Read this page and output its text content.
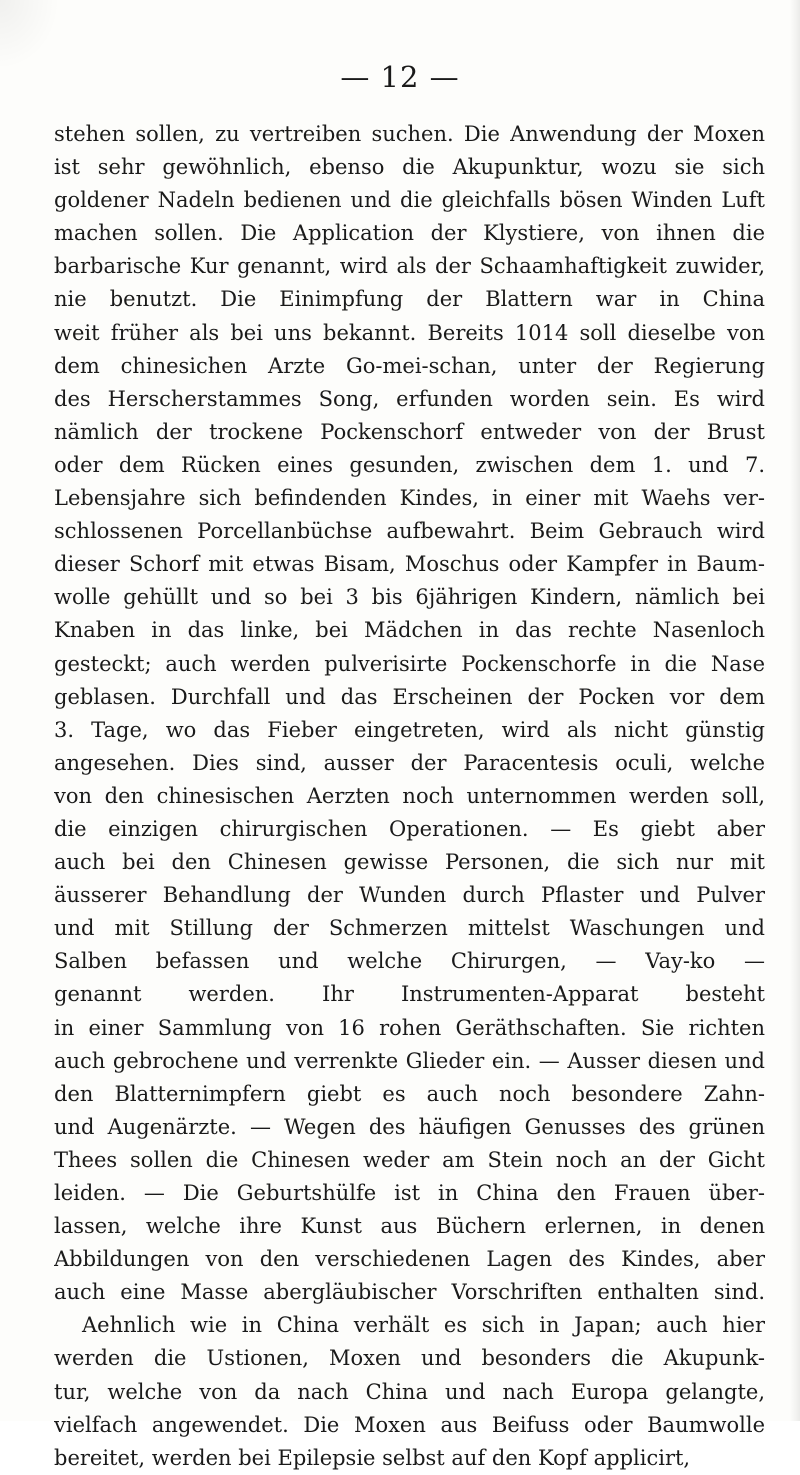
— 12 —
stehen sollen, zu vertreiben suchen. Die Anwendung der Moxen
ist sehr gewöhnlich, ebenso die Akupunktur, wozu sie sich
goldener Nadeln bedienen und die gleichfalls bösen Winden Luft
machen sollen. Die Application der Klystiere, von ihnen die
barbarische Kur genannt, wird als der Schaamhaftigkeit zuwider,
nie benutzt. Die Einimpfung der Blattern war in China
weit früher als bei uns bekannt. Bereits 1014 soll dieselbe von
dem chinesichen Arzte Go-mei-schan, unter der Regierung
des Herscherstammes Song, erfunden worden sein. Es wird
nämlich der trockene Pockenschorf entweder von der Brust
oder dem Rücken eines gesunden, zwischen dem 1. und 7.
Lebensjahre sich befindenden Kindes, in einer mit Waehs ver-
schlossenen Porcellanbüchse aufbewahrt. Beim Gebrauch wird
dieser Schorf mit etwas Bisam, Moschus oder Kampfer in Baum-
wolle gehüllt und so bei 3 bis 6jährigen Kindern, nämlich bei
Knaben in das linke, bei Mädchen in das rechte Nasenloch
gesteckt; auch werden pulverisirte Pockenschorfe in die Nase
geblasen. Durchfall und das Erscheinen der Pocken vor dem
3. Tage, wo das Fieber eingetreten, wird als nicht günstig
angesehen. Dies sind, ausser der Paracentesis oculi, welche
von den chinesischen Aerzten noch unternommen werden soll,
die einzigen chirurgischen Operationen. — Es giebt aber
auch bei den Chinesen gewisse Personen, die sich nur mit
äusserer Behandlung der Wunden durch Pflaster und Pulver
und mit Stillung der Schmerzen mittelst Waschungen und
Salben befassen und welche Chirurgen, — Vay-ko —
genannt werden. Ihr Instrumenten-Apparat besteht
in einer Sammlung von 16 rohen Geräthschaften. Sie richten
auch gebrochene und verrenkte Glieder ein. — Ausser diesen und
den Blatternimpfern giebt es auch noch besondere Zahn-
und Augenärzte. — Wegen des häufigen Genusses des grünen
Thees sollen die Chinesen weder am Stein noch an der Gicht
leiden. — Die Geburtshülfe ist in China den Frauen über-
lassen, welche ihre Kunst aus Büchern erlernen, in denen
Abbildungen von den verschiedenen Lagen des Kindes, aber
auch eine Masse abergläubischer Vorschriften enthalten sind.
Aehnlich wie in China verhält es sich in Japan; auch hier
werden die Ustionen, Moxen und besonders die Akupunk-
tur, welche von da nach China und nach Europa gelangte,
vielfach angewendet. Die Moxen aus Beifuss oder Baumwolle
bereitet, werden bei Epilepsie selbst auf den Kopf applicirt,
